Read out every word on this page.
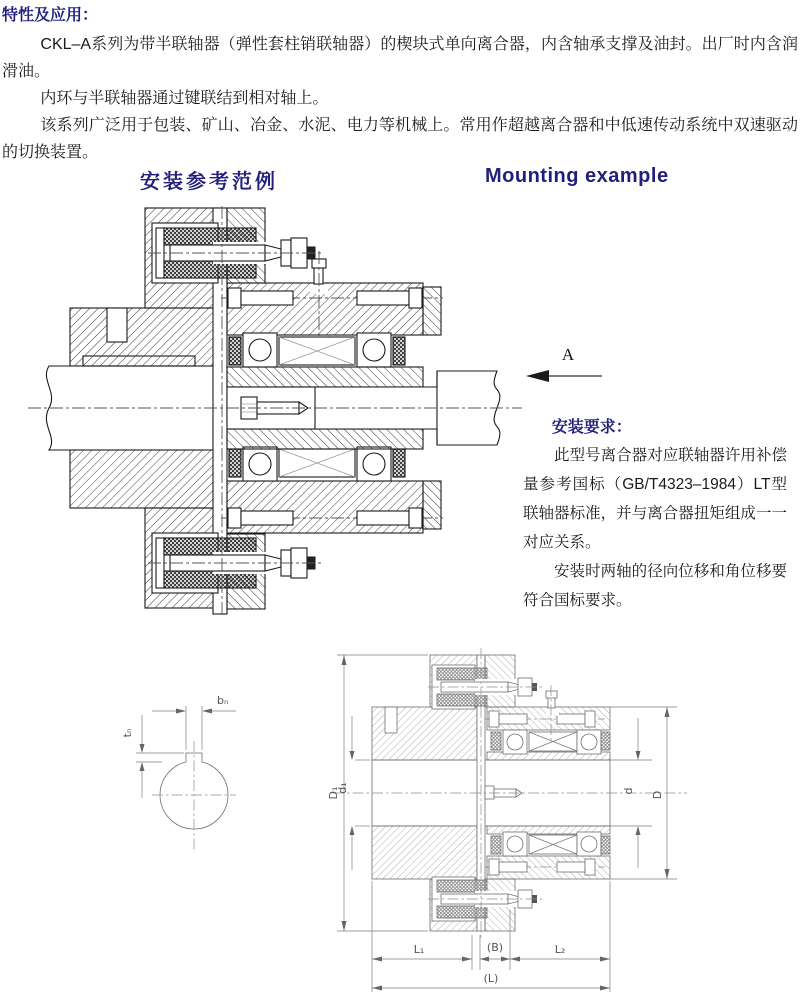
特性及应用：

CKL–A系列为带半联轴器（弹性套柱销联轴器）的楔块式单向离合器，内含轴承支撑及油封。出厂时内含润滑油。

内环与半联轴器通过键联结到相对轴上。

该系列广泛用于包装、矿山、冶金、水泥、电力等机械上。常用作超越离合器和中低速传动系统中双速驱动的切换装置。

安装参考范例	Mounting example
A
安装要求：

此型号离合器对应联轴器许用补偿量参考国标（GB/T4323–1984）LT型联轴器标准，并与离合器扭矩组成一一对应关系。

安装时两轴的径向位移和角位移要符合国标要求。

bₙ
tₙ
D₁
d₁	d D
L₁	(B)	L₂
(L)
